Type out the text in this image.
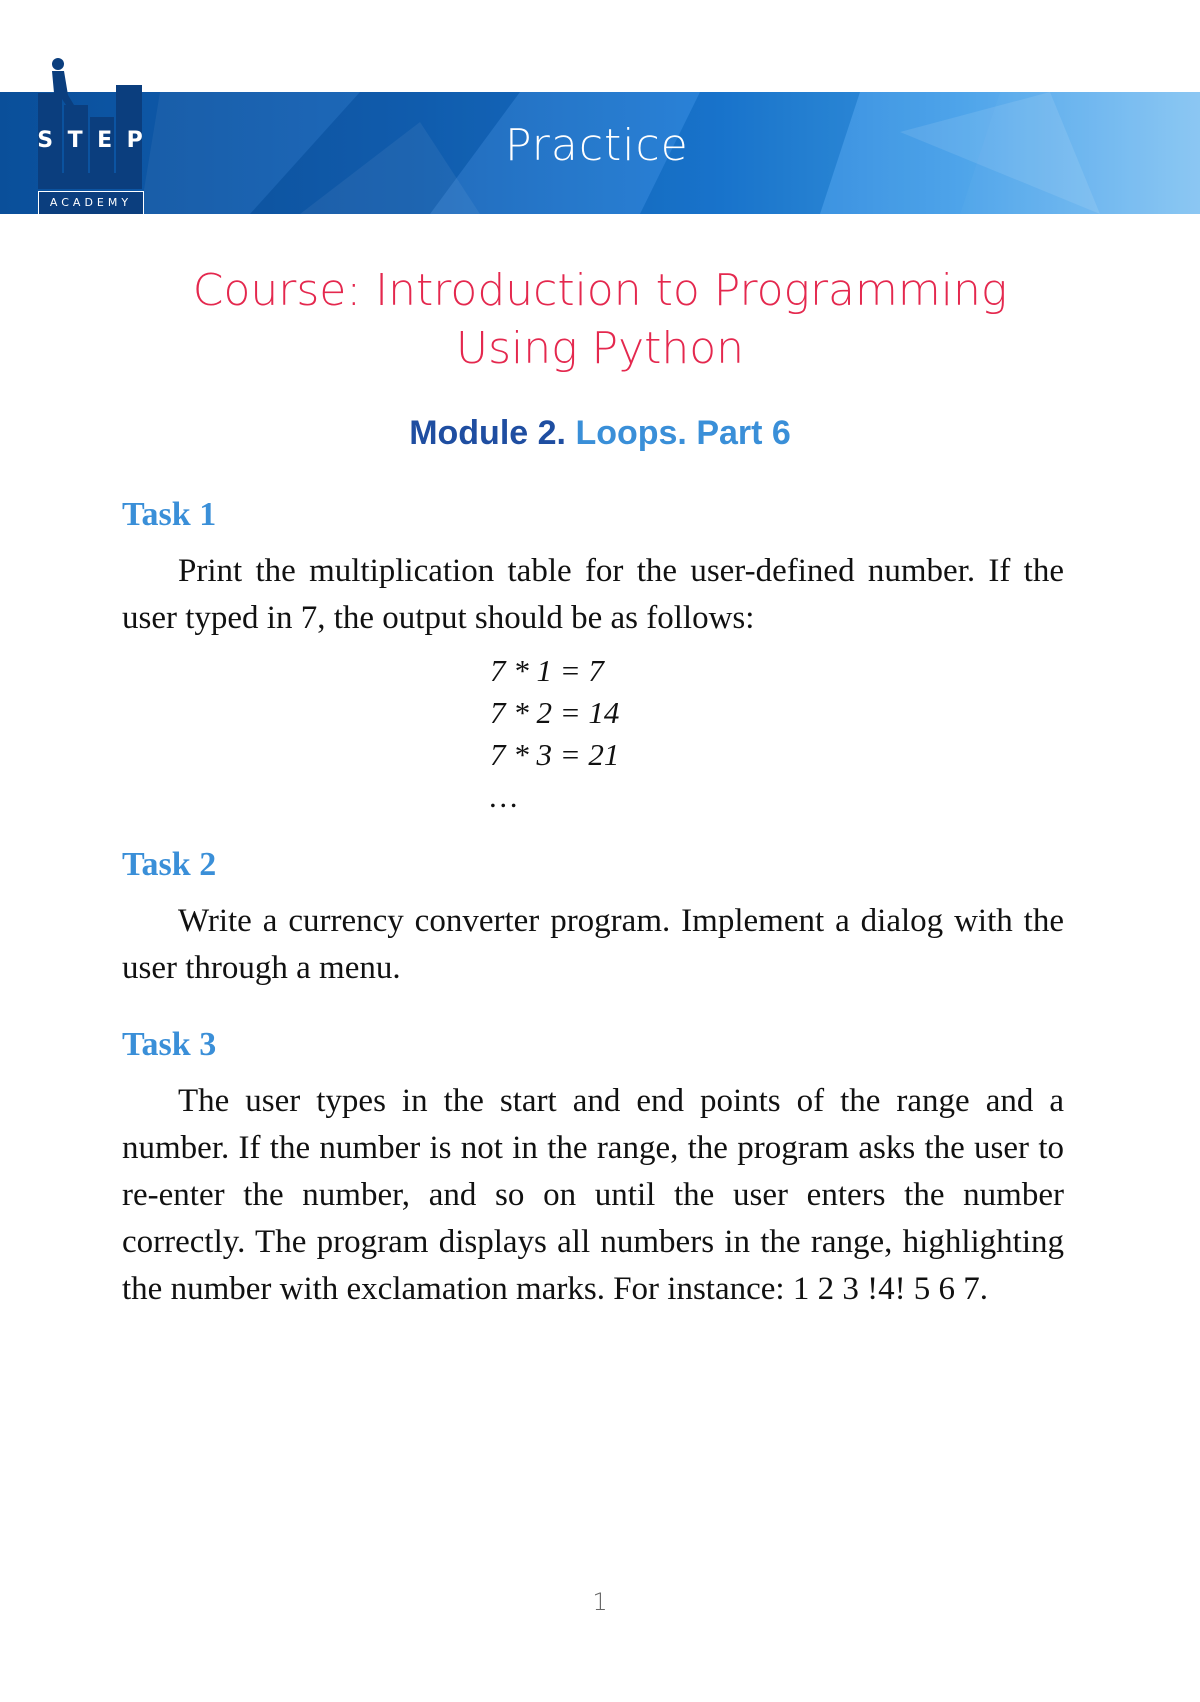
Practice
S T E P
ACADEMY
Course: Introduction to Programming
Using Python
Module 2. Loops. Part 6
Task 1
Print the multiplication table for the user-defined number. If the user typed in 7, the output should be as follows:
7 * 1 = 7
7 * 2 = 14
7 * 3 = 21
…
Task 2
Write a currency converter program. Implement a dialog with the user through a menu.
Task 3
The user types in the start and end points of the range and a number. If the number is not in the range, the program asks the user to re-enter the number, and so on until the user enters the number correctly. The program displays all numbers in the range, highlighting the number with exclamation marks. For instance: 1 2 3 !4! 5 6 7.
1
